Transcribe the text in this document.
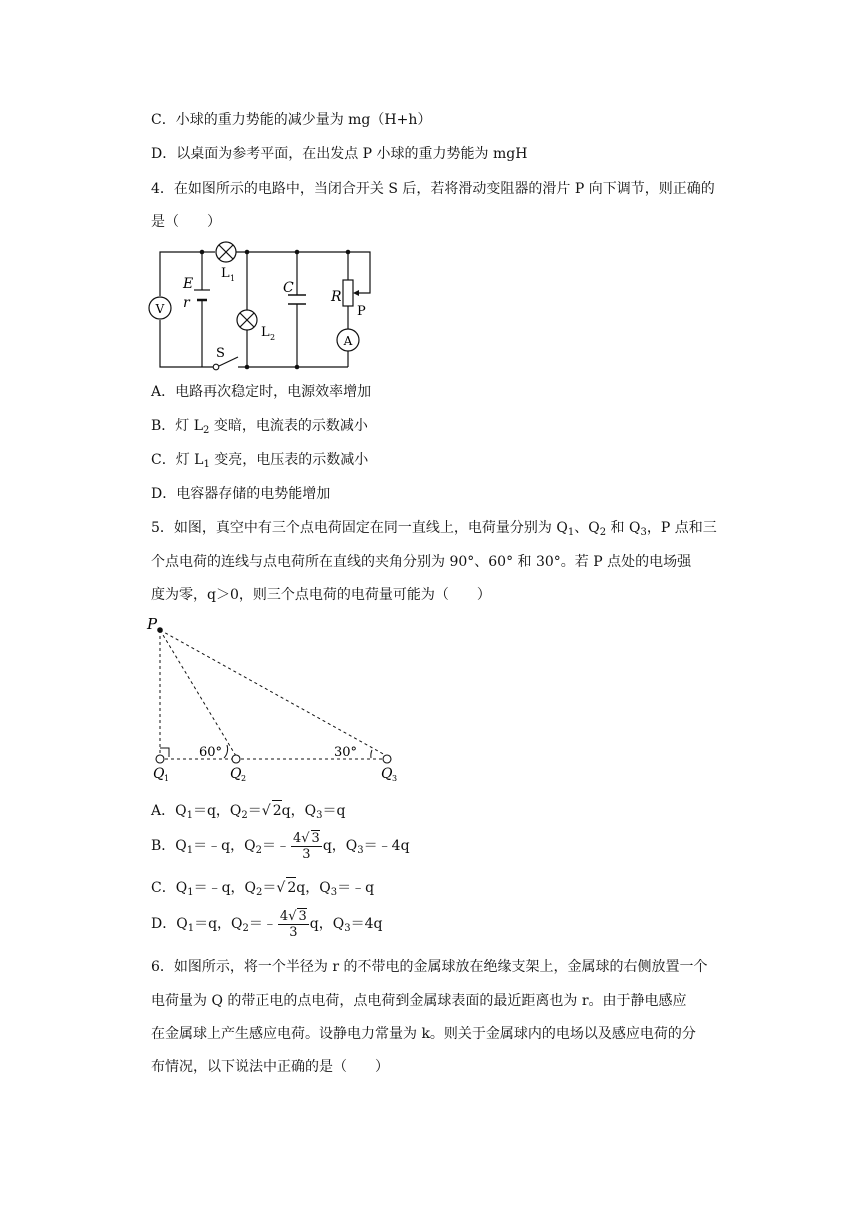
C．小球的重力势能的减少量为 mg（H+h）
D．以桌面为参考平面，在出发点 P 小球的重力势能为 mgH
4．在如图所示的电路中，当闭合开关 S 后，若将滑动变阻器的滑片 P 向下调节，则正确的
是（　　）
V
A
E
r
L 1
L 2
C
R
P
S
A．电路再次稳定时，电源效率增加
B．灯 $L_2$ 变暗，电流表的示数减小
C．灯 $L_1$ 变亮，电压表的示数减小
D．电容器存储的电势能增加
5．如图，真空中有三个点电荷固定在同一直线上，电荷量分别为 $Q_1$、$Q_2$ 和 $Q_3$，P 点和三
个点电荷的连线与点电荷所在直线的夹角分别为 90°、60° 和 30°。若 P 点处的电场强
度为零，q＞0，则三个点电荷的电荷量可能为（　　）
P
60°	30°
Q 1	Q 2	Q 3
A．$Q_1=q$，$Q_2=√$ 2q，$Q_3=q$
B．$Q_1=﹣q$，$Q_2=﹣ \frac{4√ 3}{3}$ q，$Q_3=﹣4q$
C．$Q_1=﹣q$，$Q_2=√$ 2q，$Q_3=﹣q$
D．$Q_1=q$，$Q_2=﹣ \frac{4√ 3}{3}$ q，$Q_3=4q$
6．如图所示，将一个半径为 r 的不带电的金属球放在绝缘支架上，金属球的右侧放置一个
电荷量为 Q 的带正电的点电荷，点电荷到金属球表面的最近距离也为 r。由于静电感应
在金属球上产生感应电荷。设静电力常量为 k。则关于金属球内的电场以及感应电荷的分
布情况，以下说法中正确的是（　　）
